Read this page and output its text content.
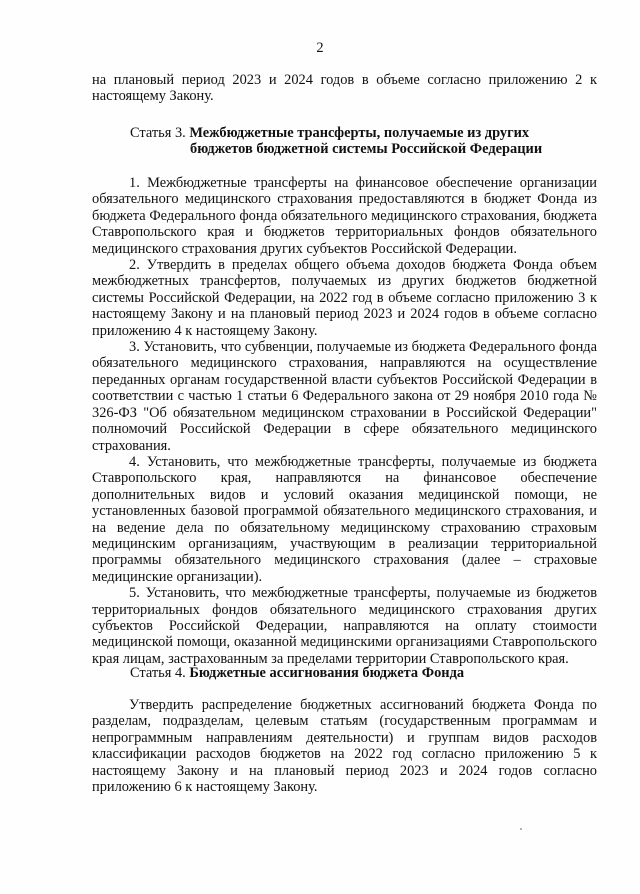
2

на плановый период 2023 и 2024 годов в объеме согласно приложению 2 к настоящему Закону.

Статья 3. Межбюджетные трансферты, получаемые из других
бюджетов бюджетной системы Российской Федерации

1. Межбюджетные трансферты на финансовое обеспечение организации обязательного медицинского страхования предоставляются в бюджет Фонда из бюджета Федерального фонда обязательного медицинского страхования, бюджета Ставропольского края и бюджетов территориальных фондов обязательного медицинского страхования других субъектов Российской Федерации.

2. Утвердить в пределах общего объема доходов бюджета Фонда объем межбюджетных трансфертов, получаемых из других бюджетов бюджетной системы Российской Федерации, на 2022 год в объеме согласно приложению 3 к настоящему Закону и на плановый период 2023 и 2024 годов в объеме согласно приложению 4 к настоящему Закону.

3. Установить, что субвенции, получаемые из бюджета Федерального фонда обязательного медицинского страхования, направляются на осуществление переданных органам государственной власти субъектов Российской Федерации в соответствии с частью 1 статьи 6 Федерального закона от 29 ноября 2010 года № 326-ФЗ "Об обязательном медицинском страховании в Российской Федерации" полномочий Российской Федерации в сфере обязательного медицинского страхования.

4. Установить, что межбюджетные трансферты, получаемые из бюджета Ставропольского края, направляются на финансовое обеспечение дополнительных видов и условий оказания медицинской помощи, не установленных базовой программой обязательного медицинского страхования, и на ведение дела по обязательному медицинскому страхованию страховым медицинским организациям, участвующим в реализации территориальной программы обязательного медицинского страхования (далее – страховые медицинские организации).

5. Установить, что межбюджетные трансферты, получаемые из бюджетов территориальных фондов обязательного медицинского страхования других субъектов Российской Федерации, направляются на оплату стоимости медицинской помощи, оказанной медицинскими организациями Ставропольского края лицам, застрахованным за пределами территории Ставропольского края.

Статья 4. Бюджетные ассигнования бюджета Фонда

Утвердить распределение бюджетных ассигнований бюджета Фонда по разделам, подразделам, целевым статьям (государственным программам и непрограммным направлениям деятельности) и группам видов расходов классификации расходов бюджетов на 2022 год согласно приложению 5 к настоящему Закону и на плановый период 2023 и 2024 годов согласно приложению 6 к настоящему Закону.
